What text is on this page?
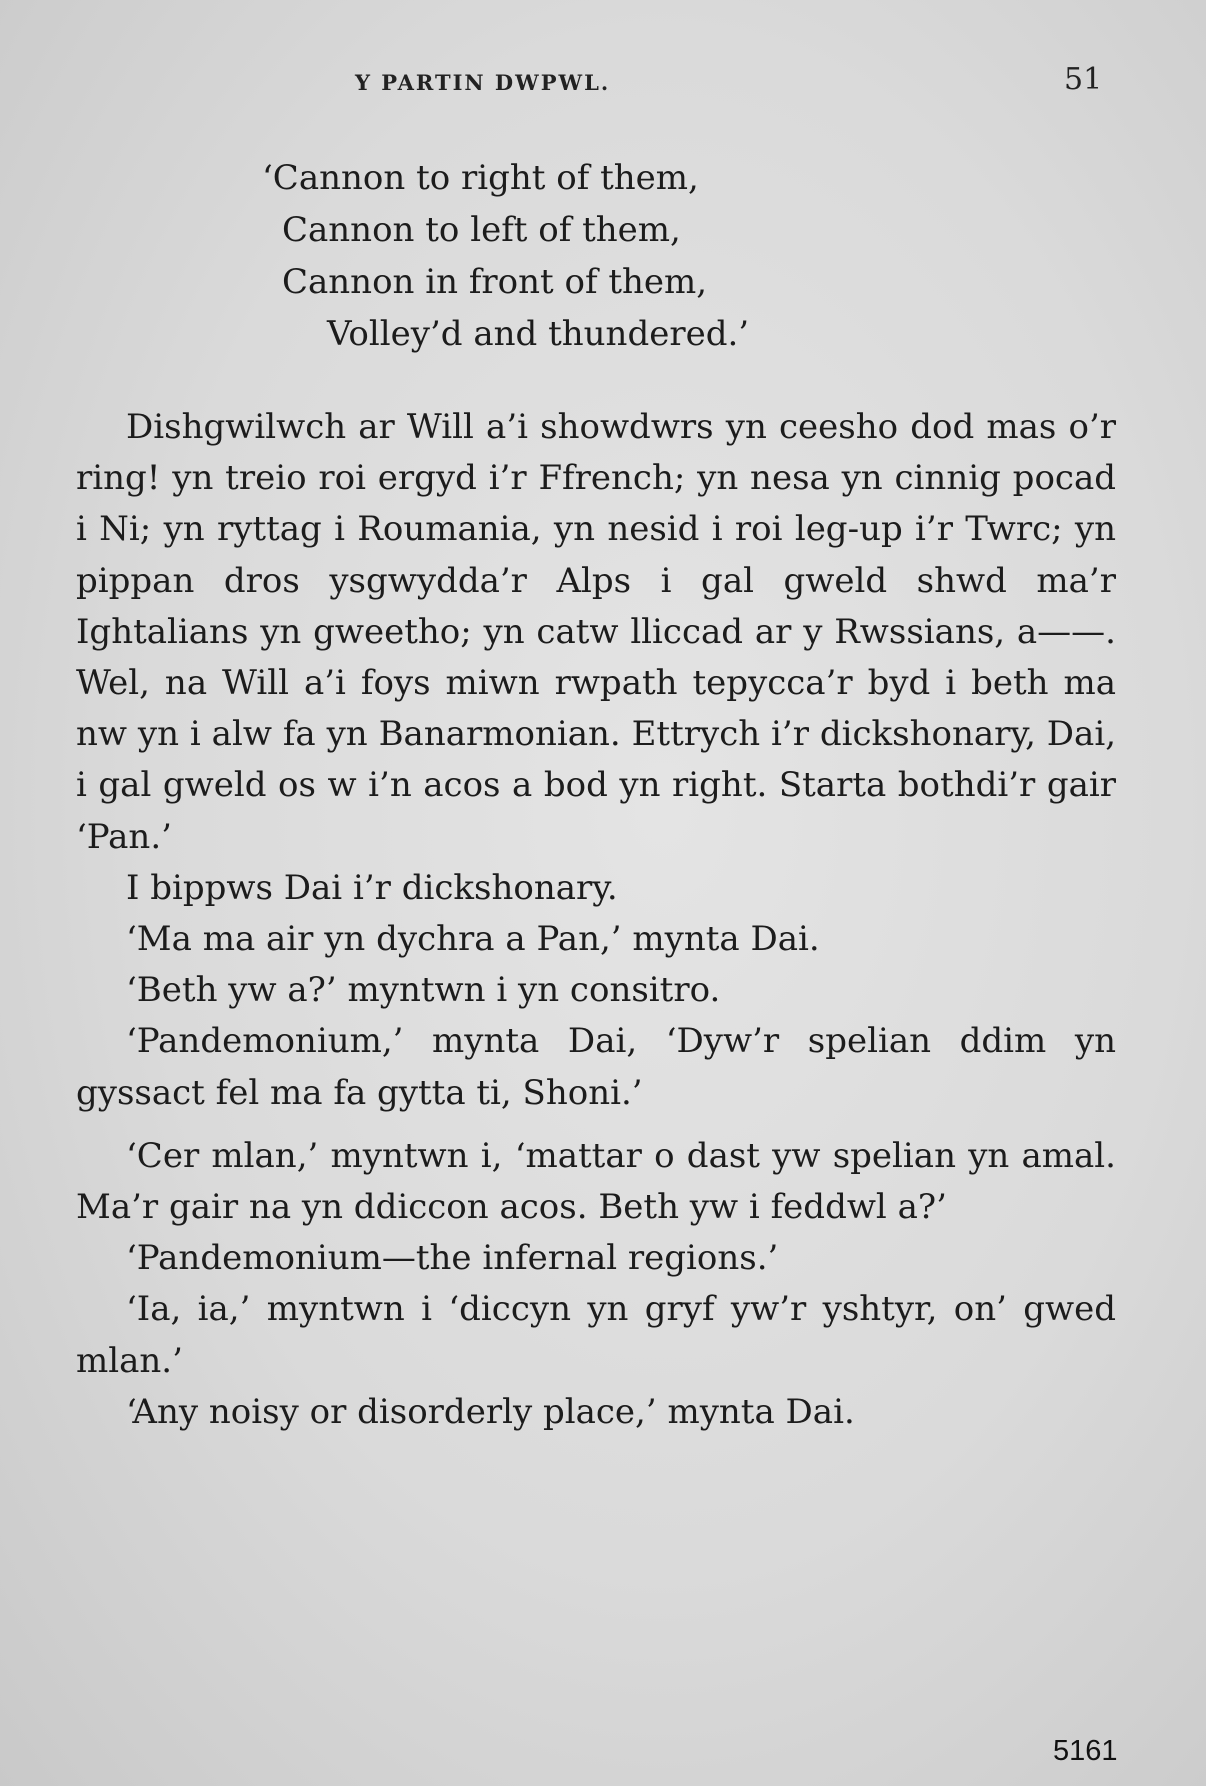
Y PARTIN DWPWL.	51
‘Cannon to right of them,
Cannon to left of them,
Cannon in front of them,
Volley’d and thundered.’

Dishgwilwch ar Will a’i showdwrs yn ceesho dod mas o’r ring! yn treio roi ergyd i’r Ffrench; yn nesa yn cinnig pocad i Ni; yn ryttag i Roumania, yn nesid i roi leg-up i’r Twrc; yn pippan dros ysgwydda’r Alps i gal gweld shwd ma’r Ightalians yn gweetho; yn catw lliccad ar y Rwssians, a——. Wel, na Will a’i foys miwn rwpath tepycca’r byd i beth ma nw yn i alw fa yn Banarmonian. Ettrych i’r dickshonary, Dai, i gal gweld os w i’n acos a bod yn right. Starta bothdi’r gair ‘Pan.’

I bippws Dai i’r dickshonary.

‘Ma ma air yn dychra a Pan,’ mynta Dai.

‘Beth yw a?’ myntwn i yn consitro.

‘Pandemonium,’ mynta Dai, ‘Dyw’r spelian ddim yn gyssact fel ma fa gytta ti, Shoni.’

‘Cer mlan,’ myntwn i, ‘mattar o dast yw spelian yn amal. Ma’r gair na yn ddiccon acos. Beth yw i feddwl a?’

‘Pandemonium—the infernal regions.’

‘Ia, ia,’ myntwn i ‘diccyn yn gryf yw’r yshtyr, on’ gwed mlan.’

‘Any noisy or disorderly place,’ mynta Dai.

5161
